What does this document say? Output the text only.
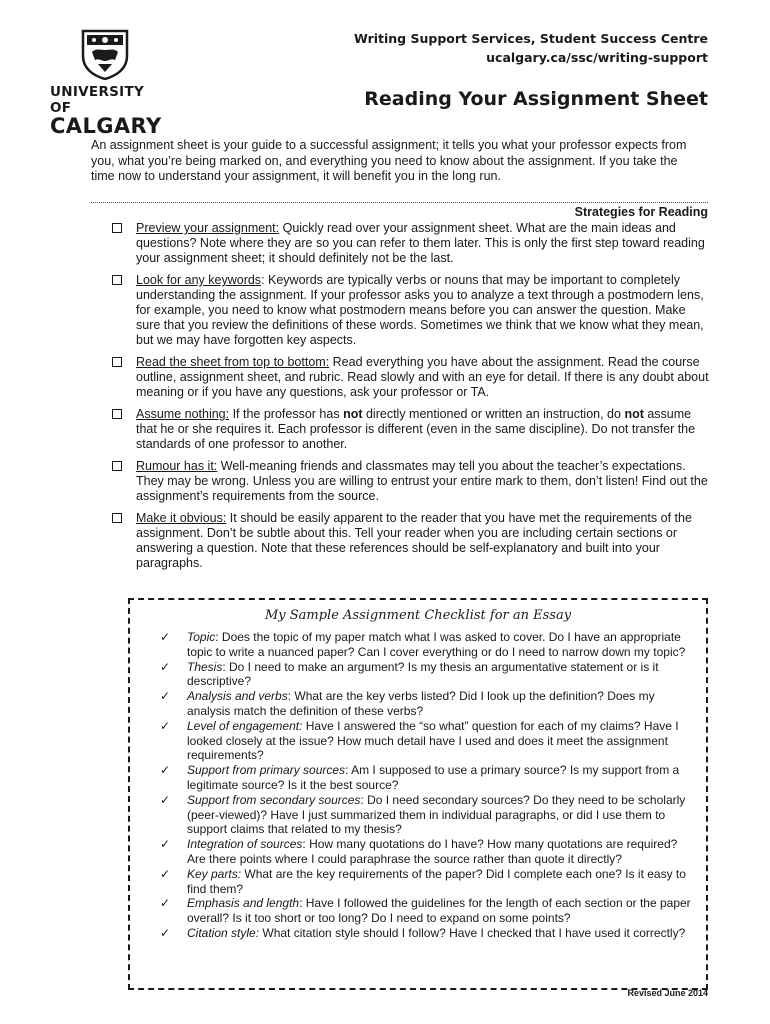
UNIVERSITY OF
CALGARY
Writing Support Services, Student Success Centre
ucalgary.ca/ssc/writing-support
Reading Your Assignment Sheet
An assignment sheet is your guide to a successful assignment; it tells you what your professor expects from you, what you’re being marked on, and everything you need to know about the assignment. If you take the time now to understand your assignment, it will benefit you in the long run.
Strategies for Reading
Preview your assignment: Quickly read over your assignment sheet. What are the main ideas and questions? Note where they are so you can refer to them later. This is only the first step toward reading your assignment sheet; it should definitely not be the last.
Look for any keywords: Keywords are typically verbs or nouns that may be important to completely understanding the assignment. If your professor asks you to analyze a text through a postmodern lens, for example, you need to know what postmodern means before you can answer the question. Make sure that you review the definitions of these words. Sometimes we think that we know what they mean, but we may have forgotten key aspects.
Read the sheet from top to bottom: Read everything you have about the assignment. Read the course outline, assignment sheet, and rubric. Read slowly and with an eye for detail. If there is any doubt about meaning or if you have any questions, ask your professor or TA.
Assume nothing: If the professor has not directly mentioned or written an instruction, do not assume that he or she requires it. Each professor is different (even in the same discipline). Do not transfer the standards of one professor to another.
Rumour has it: Well-meaning friends and classmates may tell you about the teacher’s expectations. They may be wrong. Unless you are willing to entrust your entire mark to them, don’t listen! Find out the assignment’s requirements from the source.
Make it obvious: It should be easily apparent to the reader that you have met the requirements of the assignment. Don’t be subtle about this. Tell your reader when you are including certain sections or answering a question. Note that these references should be self-explanatory and built into your paragraphs.
My Sample Assignment Checklist for an Essay
✓ Topic: Does the topic of my paper match what I was asked to cover. Do I have an appropriate topic to write a nuanced paper? Can I cover everything or do I need to narrow down my topic?
✓ Thesis: Do I need to make an argument? Is my thesis an argumentative statement or is it descriptive?
✓ Analysis and verbs: What are the key verbs listed? Did I look up the definition? Does my analysis match the definition of these verbs?
✓ Level of engagement: Have I answered the “so what” question for each of my claims? Have I looked closely at the issue? How much detail have I used and does it meet the assignment requirements?
✓ Support from primary sources: Am I supposed to use a primary source? Is my support from a legitimate source? Is it the best source?
✓ Support from secondary sources: Do I need secondary sources? Do they need to be scholarly (peer-viewed)? Have I just summarized them in individual paragraphs, or did I use them to support claims that related to my thesis?
✓ Integration of sources: How many quotations do I have? How many quotations are required? Are there points where I could paraphrase the source rather than quote it directly?
✓ Key parts: What are the key requirements of the paper? Did I complete each one? Is it easy to find them?
✓ Emphasis and length: Have I followed the guidelines for the length of each section or the paper overall? Is it too short or too long? Do I need to expand on some points?
✓ Citation style: What citation style should I follow? Have I checked that I have used it correctly?
Revised June 2014
